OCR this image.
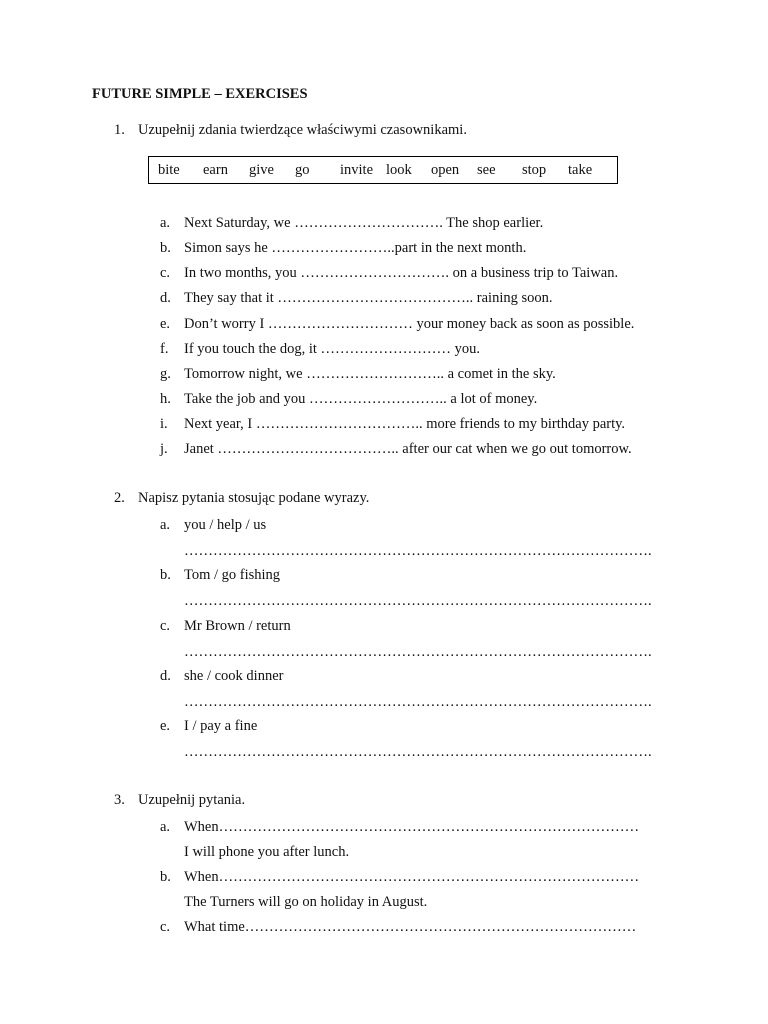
FUTURE SIMPLE – EXERCISES
1. Uzupełnij zdania twierdzące właściwymi czasownikami.
bite earn give go invite look open see stop take
a. Next Saturday, we …………………………. The shop earlier.
b. Simon says he ……………………..part in the next month.
c. In two months, you …………………………. on a business trip to Taiwan.
d. They say that it ………………………………….. raining soon.
e. Don’t worry I ………………………… your money back as soon as possible.
f. If you touch the dog, it ……………………… you.
g. Tomorrow night, we ……………………….. a comet in the sky.
h. Take the job and you ……………………….. a lot of money.
i. Next year, I …………………………….. more friends to my birthday party.
j. Janet ……………………………….. after our cat when we go out tomorrow.
2. Napisz pytania stosując podane wyrazy.
a. you / help / us
…………………………………………………………………………………….
b. Tom / go fishing
…………………………………………………………………………………….
c. Mr Brown / return
…………………………………………………………………………………….
d. she / cook dinner
…………………………………………………………………………………….
e. I / pay a fine
…………………………………………………………………………………….
3. Uzupełnij pytania.
a. When……………………………………………………………………………
I will phone you after lunch.
b. When……………………………………………………………………………
The Turners will go on holiday in August.
c. What time………………………………………………………………………
